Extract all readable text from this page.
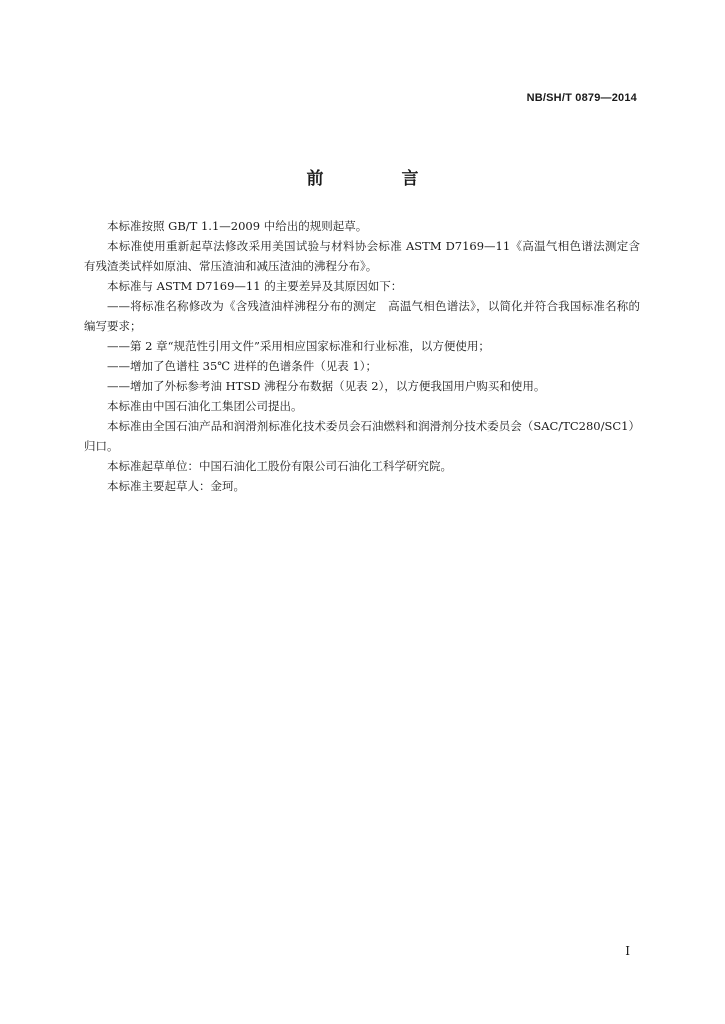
NB/SH/T 0879—2014
前 言

本标准按照 GB/T 1.1—2009 中给出的规则起草。

本标准使用重新起草法修改采用美国试验与材料协会标准 ASTM D7169—11《高温气相色谱法测定含有残渣类试样如原油、常压渣油和减压渣油的沸程分布》。

本标准与 ASTM D7169—11 的主要差异及其原因如下：

——将标准名称修改为《含残渣油样沸程分布的测定　高温气相色谱法》，以简化并符合我国标准名称的编写要求；

——第 2 章“规范性引用文件”采用相应国家标准和行业标准，以方便使用；

——增加了色谱柱 35℃ 进样的色谱条件（见表 1）；

——增加了外标参考油 HTSD 沸程分布数据（见表 2），以方便我国用户购买和使用。

本标准由中国石油化工集团公司提出。

本标准由全国石油产品和润滑剂标准化技术委员会石油燃料和润滑剂分技术委员会（SAC/TC280/SC1）归口。

本标准起草单位：中国石油化工股份有限公司石油化工科学研究院。

本标准主要起草人：金珂。

I
